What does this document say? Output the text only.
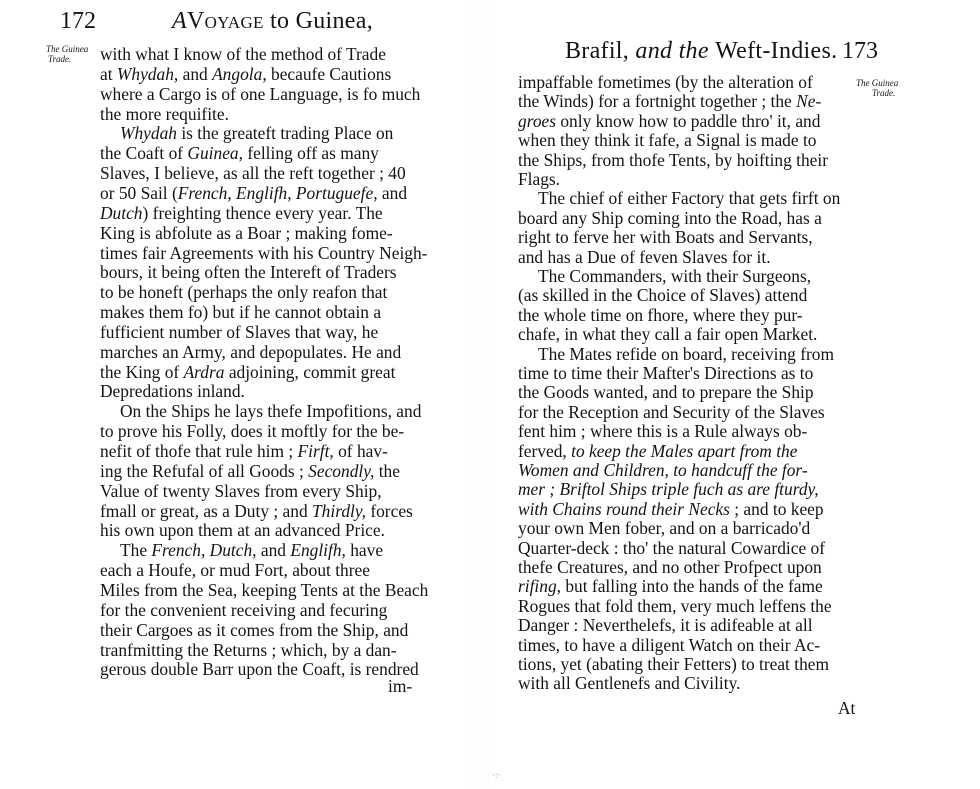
172	AVoyage to Guinea,
The Guinea
Trade.	with what I know of the method of Trade
at Whydah, and Angola, becaufe Cautions
where a Cargo is of one Language, is fo much
the more requifite.
Whydah is the greateft trading Place on
the Coaft of Guinea, felling off as many
Slaves, I believe, as all the reft together ; 40
or 50 Sail (French, Englifh, Portuguefe, and
Dutch) freighting thence every year. The
King is abfolute as a Boar ; making fome-
times fair Agreements with his Country Neigh-
bours, it being often the Intereft of Traders
to be honeft (perhaps the only reafon that
makes them fo) but if he cannot obtain a
fufficient number of Slaves that way, he
marches an Army, and depopulates. He and
the King of Ardra adjoining, commit great
Depredations inland.
On the Ships he lays thefe Impofitions, and
to prove his Folly, does it moftly for the be-
nefit of thofe that rule him ; Firft, of hav-
ing the Refufal of all Goods ; Secondly, the
Value of twenty Slaves from every Ship,
fmall or great, as a Duty ; and Thirdly, forces
his own upon them at an advanced Price.
The French, Dutch, and Englifh, have
each a Houfe, or mud Fort, about three
Miles from the Sea, keeping Tents at the Beach
for the convenient receiving and fecuring
their Cargoes as it comes from the Ship, and
tranfmitting the Returns ; which, by a dan-
gerous double Barr upon the Coaft, is rendred
im-
Brafil, and the Weft-Indies. 173
The Guinea
Trade.
impaffable fometimes (by the alteration of
the Winds) for a fortnight together ; the Ne-
groes only know how to paddle thro' it, and
when they think it fafe, a Signal is made to
the Ships, from thofe Tents, by hoifting their
Flags.
The chief of either Factory that gets firft on
board any Ship coming into the Road, has a
right to ferve her with Boats and Servants,
and has a Due of feven Slaves for it.
The Commanders, with their Surgeons,
(as skilled in the Choice of Slaves) attend
the whole time on fhore, where they pur-
chafe, in what they call a fair open Market.
The Mates refide on board, receiving from
time to time their Mafter's Directions as to
the Goods wanted, and to prepare the Ship
for the Reception and Security of the Slaves
fent him ; where this is a Rule always ob-
ferved, to keep the Males apart from the
Women and Children, to handcuff the for-
mer ; Briftol Ships triple fuch as are fturdy,
with Chains round their Necks ; and to keep
your own Men fober, and on a barricado'd
Quarter-deck : tho' the natural Cowardice of
thefe Creatures, and no other Profpect upon
rifing, but falling into the hands of the fame
Rogues that fold them, very much leffens the
Danger : Neverthelefs, it is adifeable at all
times, to have a diligent Watch on their Ac-
tions, yet (abating their Fetters) to treat them
with all Gentlenefs and Civility.
At
·:·
